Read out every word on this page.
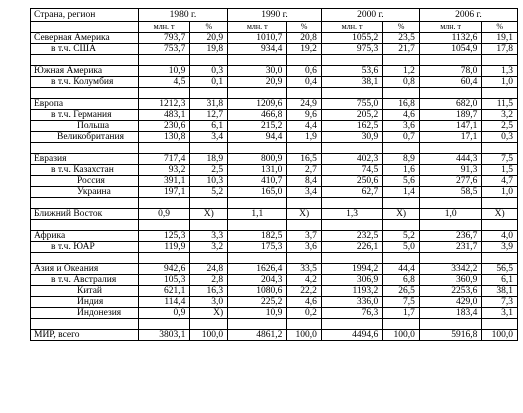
Страна, регион	1980 г.		1990 г.		2000 г.		2006 г.	
	млн. т	%	млн. т	%	млн. т	%	млн. т	%
Северная Америка	793,7	20,9	1010,7	20,8	1055,2	23,5	1132,6	19,1
в т.ч. США	753,7	19,8	934,4	19,2	975,3	21,7	1054,9	17,8

Южная Америка	10,9	0,3	30,0	0,6	53,6	1,2	78,0	1,3
в т.ч. Колумбия	4,5	0,1	20,9	0,4	38,1	0,8	60,4	1,0

Европа	1212,3	31,8	1209,6	24,9	755,0	16,8	682,0	11,5
в т.ч. Германия	483,1	12,7	466,8	9,6	205,2	4,6	189,7	3,2
Польша	230,6	6,1	215,2	4,4	162,5	3,6	147,1	2,5
Великобритания	130,8	3,4	94,4	1,9	30,9	0,7	17,1	0,3

Евразия	717,4	18,9	800,9	16,5	402,3	8,9	444,3	7,5
в т.ч. Казахстан	93,2	2,5	131,0	2,7	74,5	1,6	91,3	1,5
Россия	391,1	10,3	410,7	8,4	250,6	5,6	277,6	4,7
Украина	197,1	5,2	165,0	3,4	62,7	1,4	58,5	1,0

Ближний Восток	0,9	X)	1,1	X)	1,3	X)	1,0	X)

Африка	125,3	3,3	182,5	3,7	232,5	5,2	236,7	4,0
в т.ч. ЮАР	119,9	3,2	175,3	3,6	226,1	5,0	231,7	3,9

Азия и Океания	942,6	24,8	1626,4	33,5	1994,2	44,4	3342,2	56,5
в т.ч. Австралия	105,3	2,8	204,3	4,2	306,9	6,8	360,9	6,1
Китай	621,1	16,3	1080,6	22,2	1193,2	26,5	2253,6	38,1
Индия	114,4	3,0	225,2	4,6	336,0	7,5	429,0	7,3
Индонезия	0,9	X)	10,9	0,2	76,3	1,7	183,4	3,1

МИР, всего	3803,1	100,0	4861,2	100,0	4494,6	100,0	5916,8	100,0
